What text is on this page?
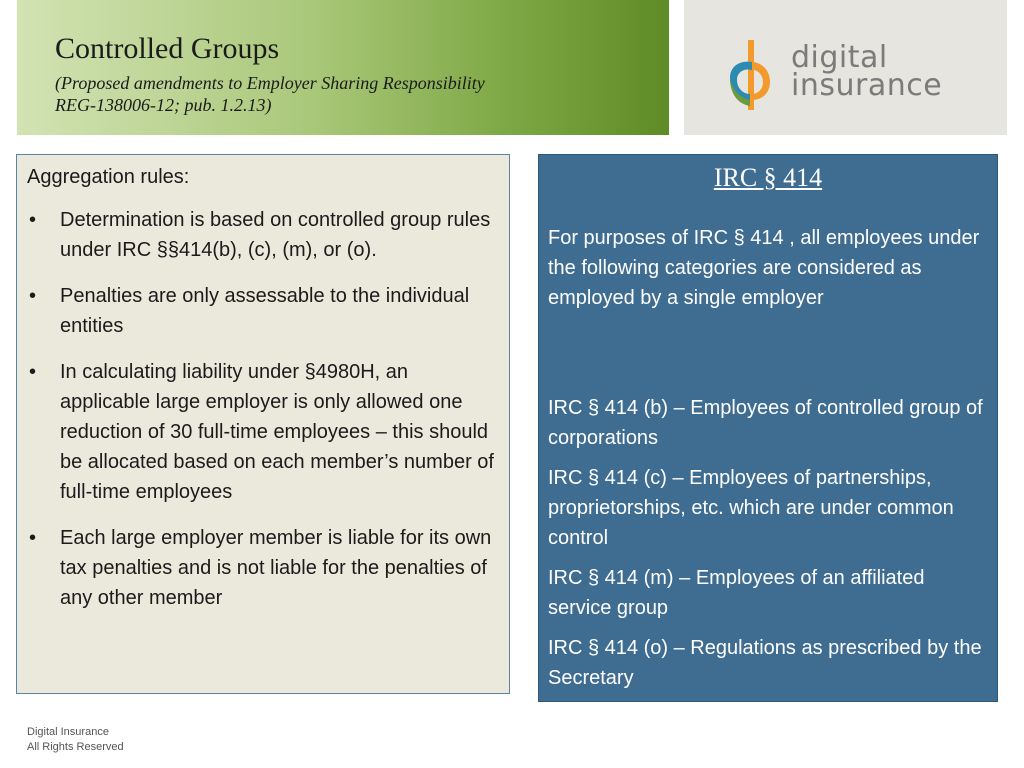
Controlled Groups
(Proposed amendments to Employer Sharing Responsibility
REG-138006-12; pub. 1.2.13)
digital
insurance
Aggregation rules:
• Determination is based on controlled group rules under IRC §§414(b), (c), (m), or (o).
• Penalties are only assessable to the individual entities
• In calculating liability under §4980H, an applicable large employer is only allowed one reduction of 30 full-time employees – this should be allocated based on each member’s number of full-time employees
• Each large employer member is liable for its own tax penalties and is not liable for the penalties of any other member
IRC § 414
For purposes of IRC § 414 , all employees under the following categories are considered as employed by a single employer
IRC § 414 (b) – Employees of controlled group of corporations
IRC § 414 (c) – Employees of partnerships, proprietorships, etc. which are under common control
IRC § 414 (m) – Employees of an affiliated service group
IRC § 414 (o) – Regulations as prescribed by the Secretary
Digital Insurance
All Rights Reserved
